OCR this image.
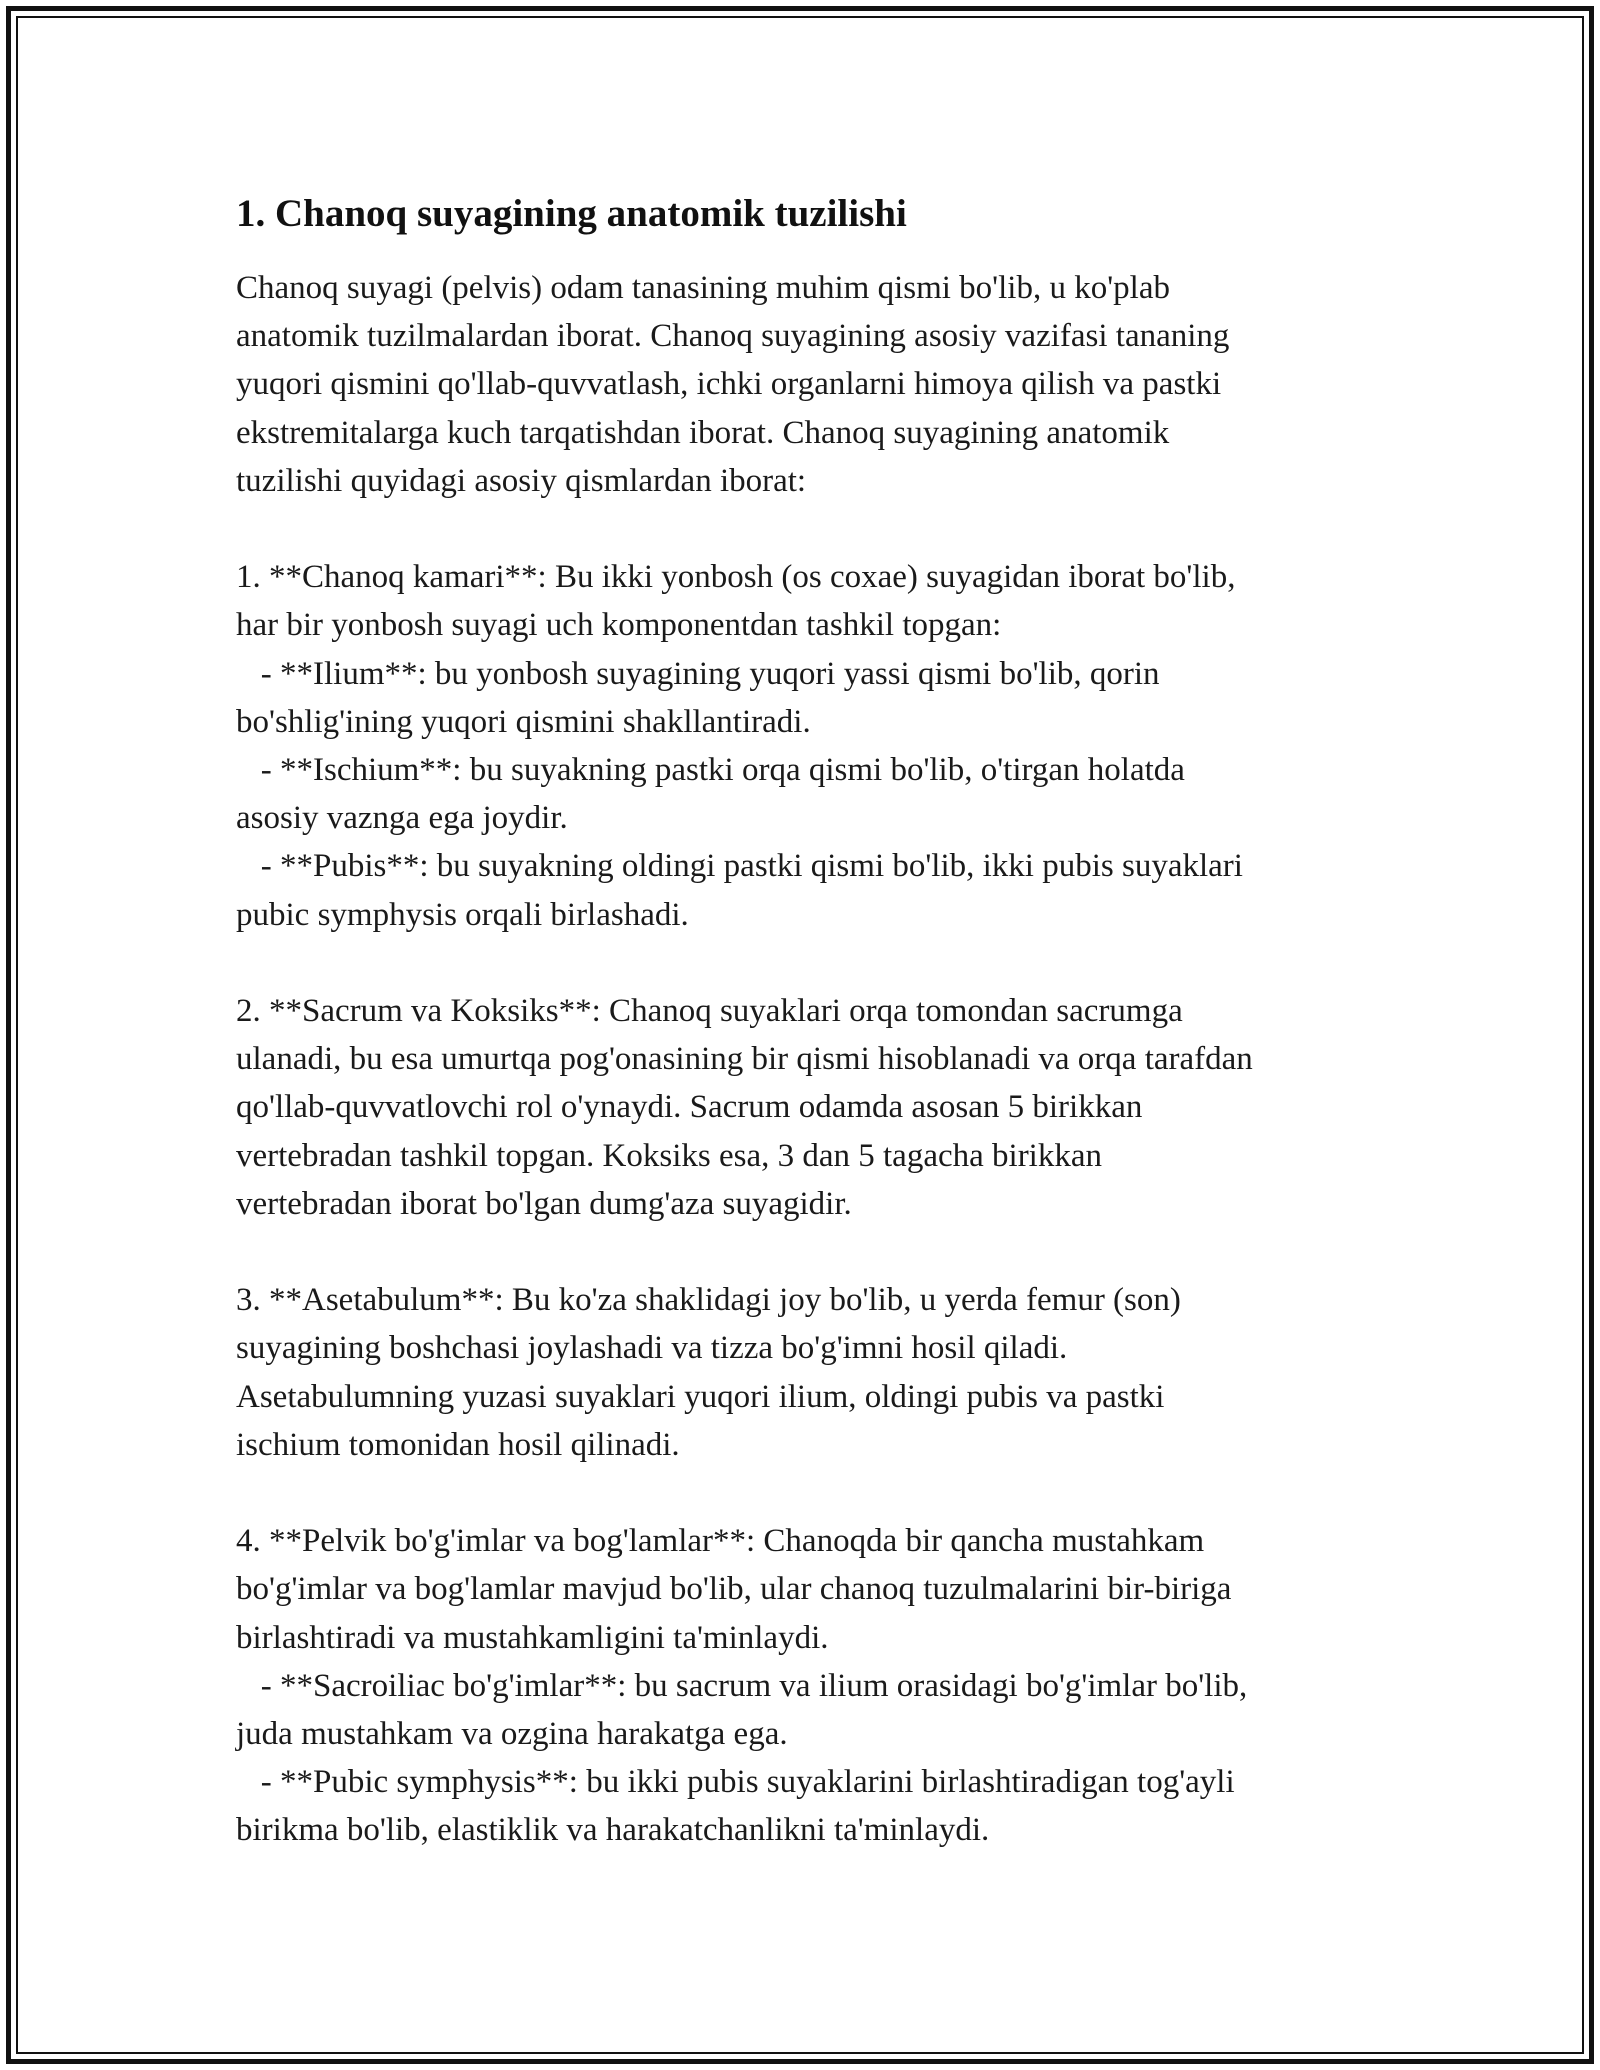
1. Chanoq suyagining anatomik tuzilishi
Chanoq suyagi (pelvis) odam tanasining muhim qismi bo'lib, u ko'plab
anatomik tuzilmalardan iborat. Chanoq suyagining asosiy vazifasi tananing
yuqori qismini qo'llab-quvvatlash, ichki organlarni himoya qilish va pastki
ekstremitalarga kuch tarqatishdan iborat. Chanoq suyagining anatomik
tuzilishi quyidagi asosiy qismlardan iborat:
1. **Chanoq kamari**: Bu ikki yonbosh (os coxae) suyagidan iborat bo'lib,
har bir yonbosh suyagi uch komponentdan tashkil topgan:
- **Ilium**: bu yonbosh suyagining yuqori yassi qismi bo'lib, qorin
bo'shlig'ining yuqori qismini shakllantiradi.
- **Ischium**: bu suyakning pastki orqa qismi bo'lib, o'tirgan holatda
asosiy vaznga ega joydir.
- **Pubis**: bu suyakning oldingi pastki qismi bo'lib, ikki pubis suyaklari
pubic symphysis orqali birlashadi.
2. **Sacrum va Koksiks**: Chanoq suyaklari orqa tomondan sacrumga
ulanadi, bu esa umurtqa pog'onasining bir qismi hisoblanadi va orqa tarafdan
qo'llab-quvvatlovchi rol o'ynaydi. Sacrum odamda asosan 5 birikkan
vertebradan tashkil topgan. Koksiks esa, 3 dan 5 tagacha birikkan
vertebradan iborat bo'lgan dumg'aza suyagidir.
3. **Asetabulum**: Bu ko'za shaklidagi joy bo'lib, u yerda femur (son)
suyagining boshchasi joylashadi va tizza bo'g'imni hosil qiladi.
Asetabulumning yuzasi suyaklari yuqori ilium, oldingi pubis va pastki
ischium tomonidan hosil qilinadi.
4. **Pelvik bo'g'imlar va bog'lamlar**: Chanoqda bir qancha mustahkam
bo'g'imlar va bog'lamlar mavjud bo'lib, ular chanoq tuzulmalarini bir-biriga
birlashtiradi va mustahkamligini ta'minlaydi.
- **Sacroiliac bo'g'imlar**: bu sacrum va ilium orasidagi bo'g'imlar bo'lib,
juda mustahkam va ozgina harakatga ega.
- **Pubic symphysis**: bu ikki pubis suyaklarini birlashtiradigan tog'ayli
birikma bo'lib, elastiklik va harakatchanlikni ta'minlaydi.
